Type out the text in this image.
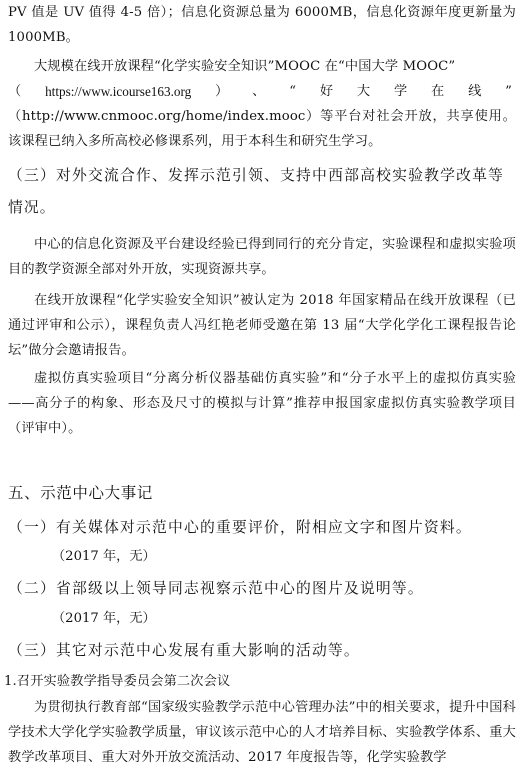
PV 值是 UV 值得 4-5 倍）；信息化资源总量为 6000MB，信息化资源年度更新量为 1000MB。

大规模在线开放课程“化学实验安全知识”MOOC 在“中国大学 MOOC”

（ https://www.icourse163.org ） 、 “ 好 大 学 在 线 ”

（http://www.cnmooc.org/home/index.mooc）等平台对社会开放，共享使用。该课程已纳入多所高校必修课系列，用于本科生和研究生学习。

（三）对外交流合作、发挥示范引领、支持中西部高校实验教学改革等情况。

中心的信息化资源及平台建设经验已得到同行的充分肯定，实验课程和虚拟实验项目的教学资源全部对外开放，实现资源共享。

在线开放课程“化学实验安全知识”被认定为 2018 年国家精品在线开放课程（已通过评审和公示），课程负责人冯红艳老师受邀在第 13 届“大学化学化工课程报告论坛”做分会邀请报告。

虚拟仿真实验项目“分离分析仪器基础仿真实验”和“分子水平上的虚拟仿真实验——高分子的构象、形态及尺寸的模拟与计算”推荐申报国家虚拟仿真实验教学项目（评审中）。

五、示范中心大事记

（一）有关媒体对示范中心的重要评价，附相应文字和图片资料。

（2017 年，无）

（二）省部级以上领导同志视察示范中心的图片及说明等。

（2017 年，无）

（三）其它对示范中心发展有重大影响的活动等。

1.召开实验教学指导委员会第二次会议

为贯彻执行教育部“国家级实验教学示范中心管理办法”中的相关要求，提升中国科学技术大学化学实验教学质量，审议该示范中心的人才培养目标、实验教学体系、重大教学改革项目、重大对外开放交流活动、2017 年度报告等，化学实验教学
